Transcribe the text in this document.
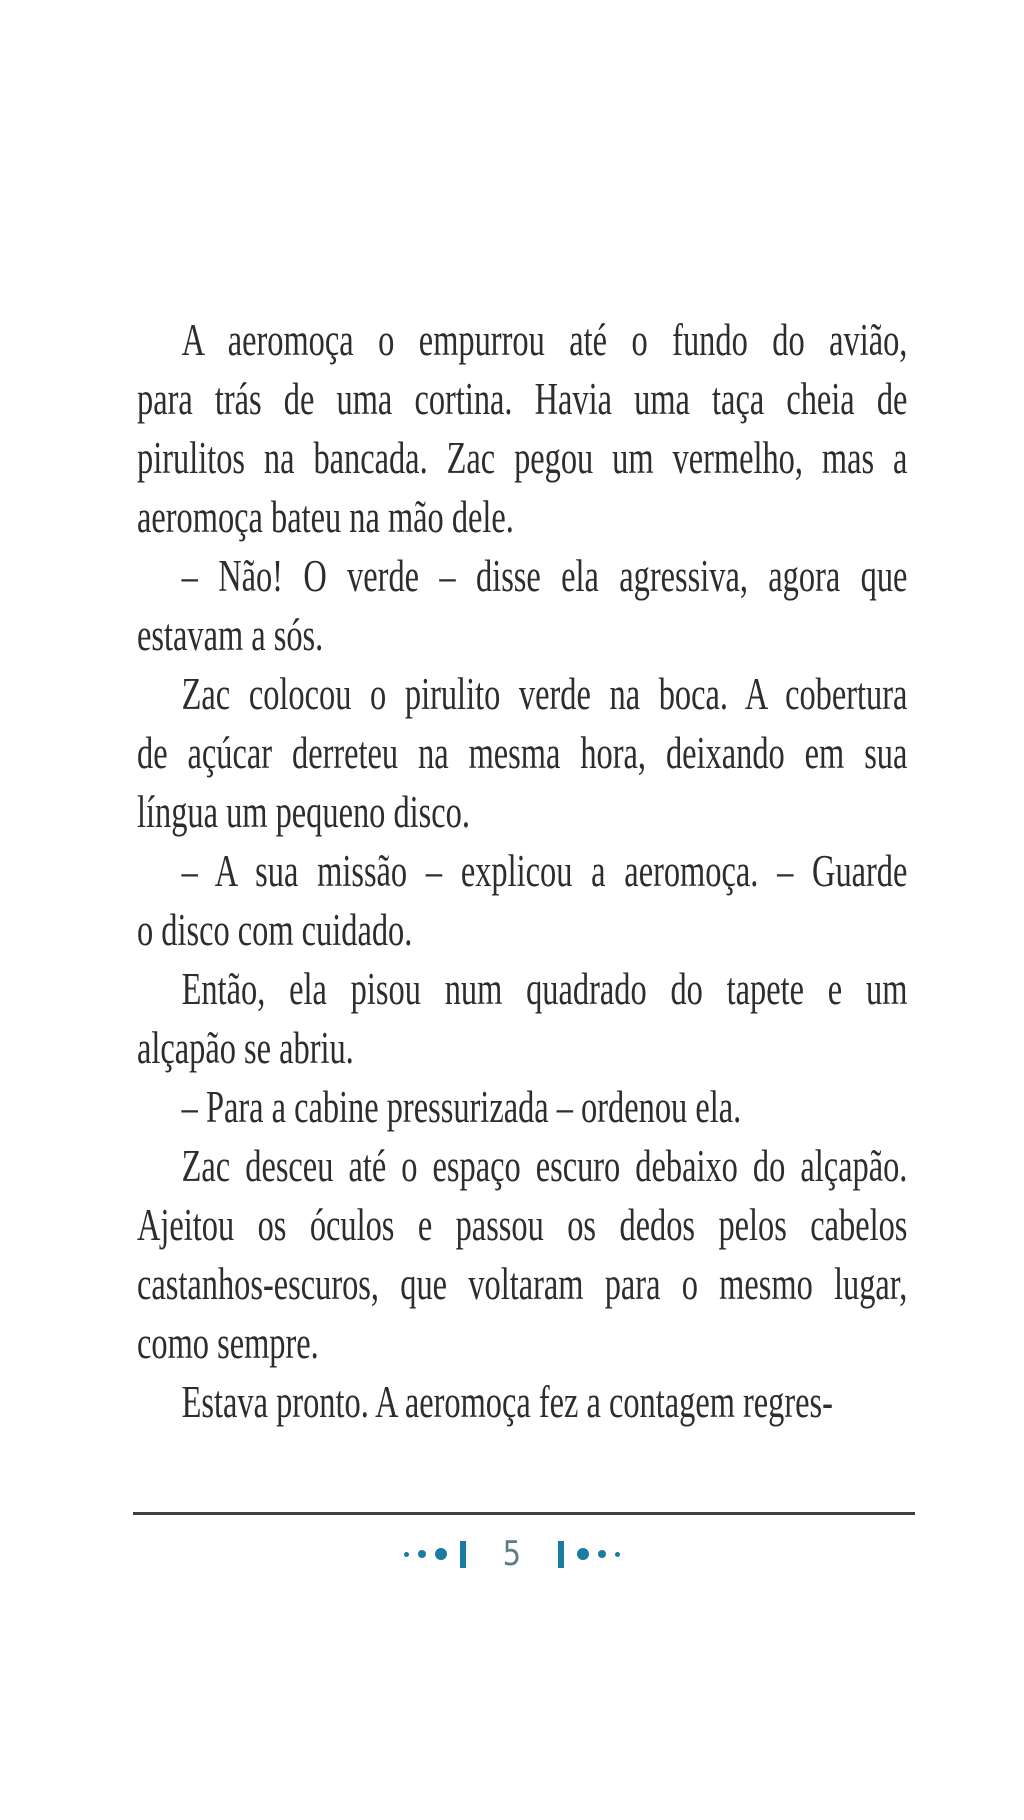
A aeromoça o empurrou até o fundo do avião,
para trás de uma cortina. Havia uma taça cheia de
pirulitos na bancada. Zac pegou um vermelho, mas a
aeromoça bateu na mão dele.
– Não! O verde – disse ela agressiva, agora que
estavam a sós.
Zac colocou o pirulito verde na boca. A cobertura
de açúcar derreteu na mesma hora, deixando em sua
língua um pequeno disco.
– A sua missão – explicou a aeromoça. – Guarde
o disco com cuidado.
Então, ela pisou num quadrado do tapete e um
alçapão se abriu.
– Para a cabine pressurizada – ordenou ela.
Zac desceu até o espaço escuro debaixo do alçapão.
Ajeitou os óculos e passou os dedos pelos cabelos
castanhos-escuros, que voltaram para o mesmo lugar,
como sempre.
Estava pronto. A aeromoça fez a contagem regres-
5
